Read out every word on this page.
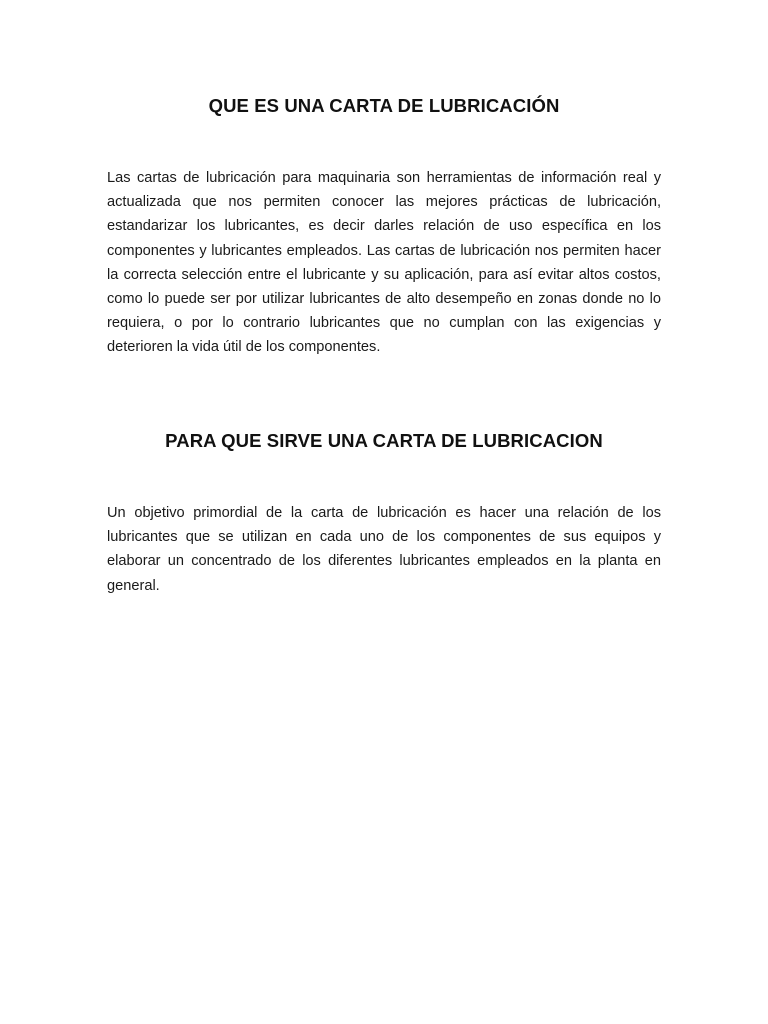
QUE ES UNA CARTA DE LUBRICACIÓN

Las cartas de lubricación para maquinaria son herramientas de información real y actualizada que nos permiten conocer las mejores prácticas de lubricación, estandarizar los lubricantes, es decir darles relación de uso específica en los componentes y lubricantes empleados. Las cartas de lubricación nos permiten hacer la correcta selección entre el lubricante y su aplicación, para así evitar altos costos, como lo puede ser por utilizar lubricantes de alto desempeño en zonas donde no lo requiera, o por lo contrario lubricantes que no cumplan con las exigencias y deterioren la vida útil de los componentes.

PARA QUE SIRVE UNA CARTA DE LUBRICACION

Un objetivo primordial de la carta de lubricación es hacer una relación de los lubricantes que se utilizan en cada uno de los componentes de sus equipos y elaborar un concentrado de los diferentes lubricantes empleados en la planta en general.
